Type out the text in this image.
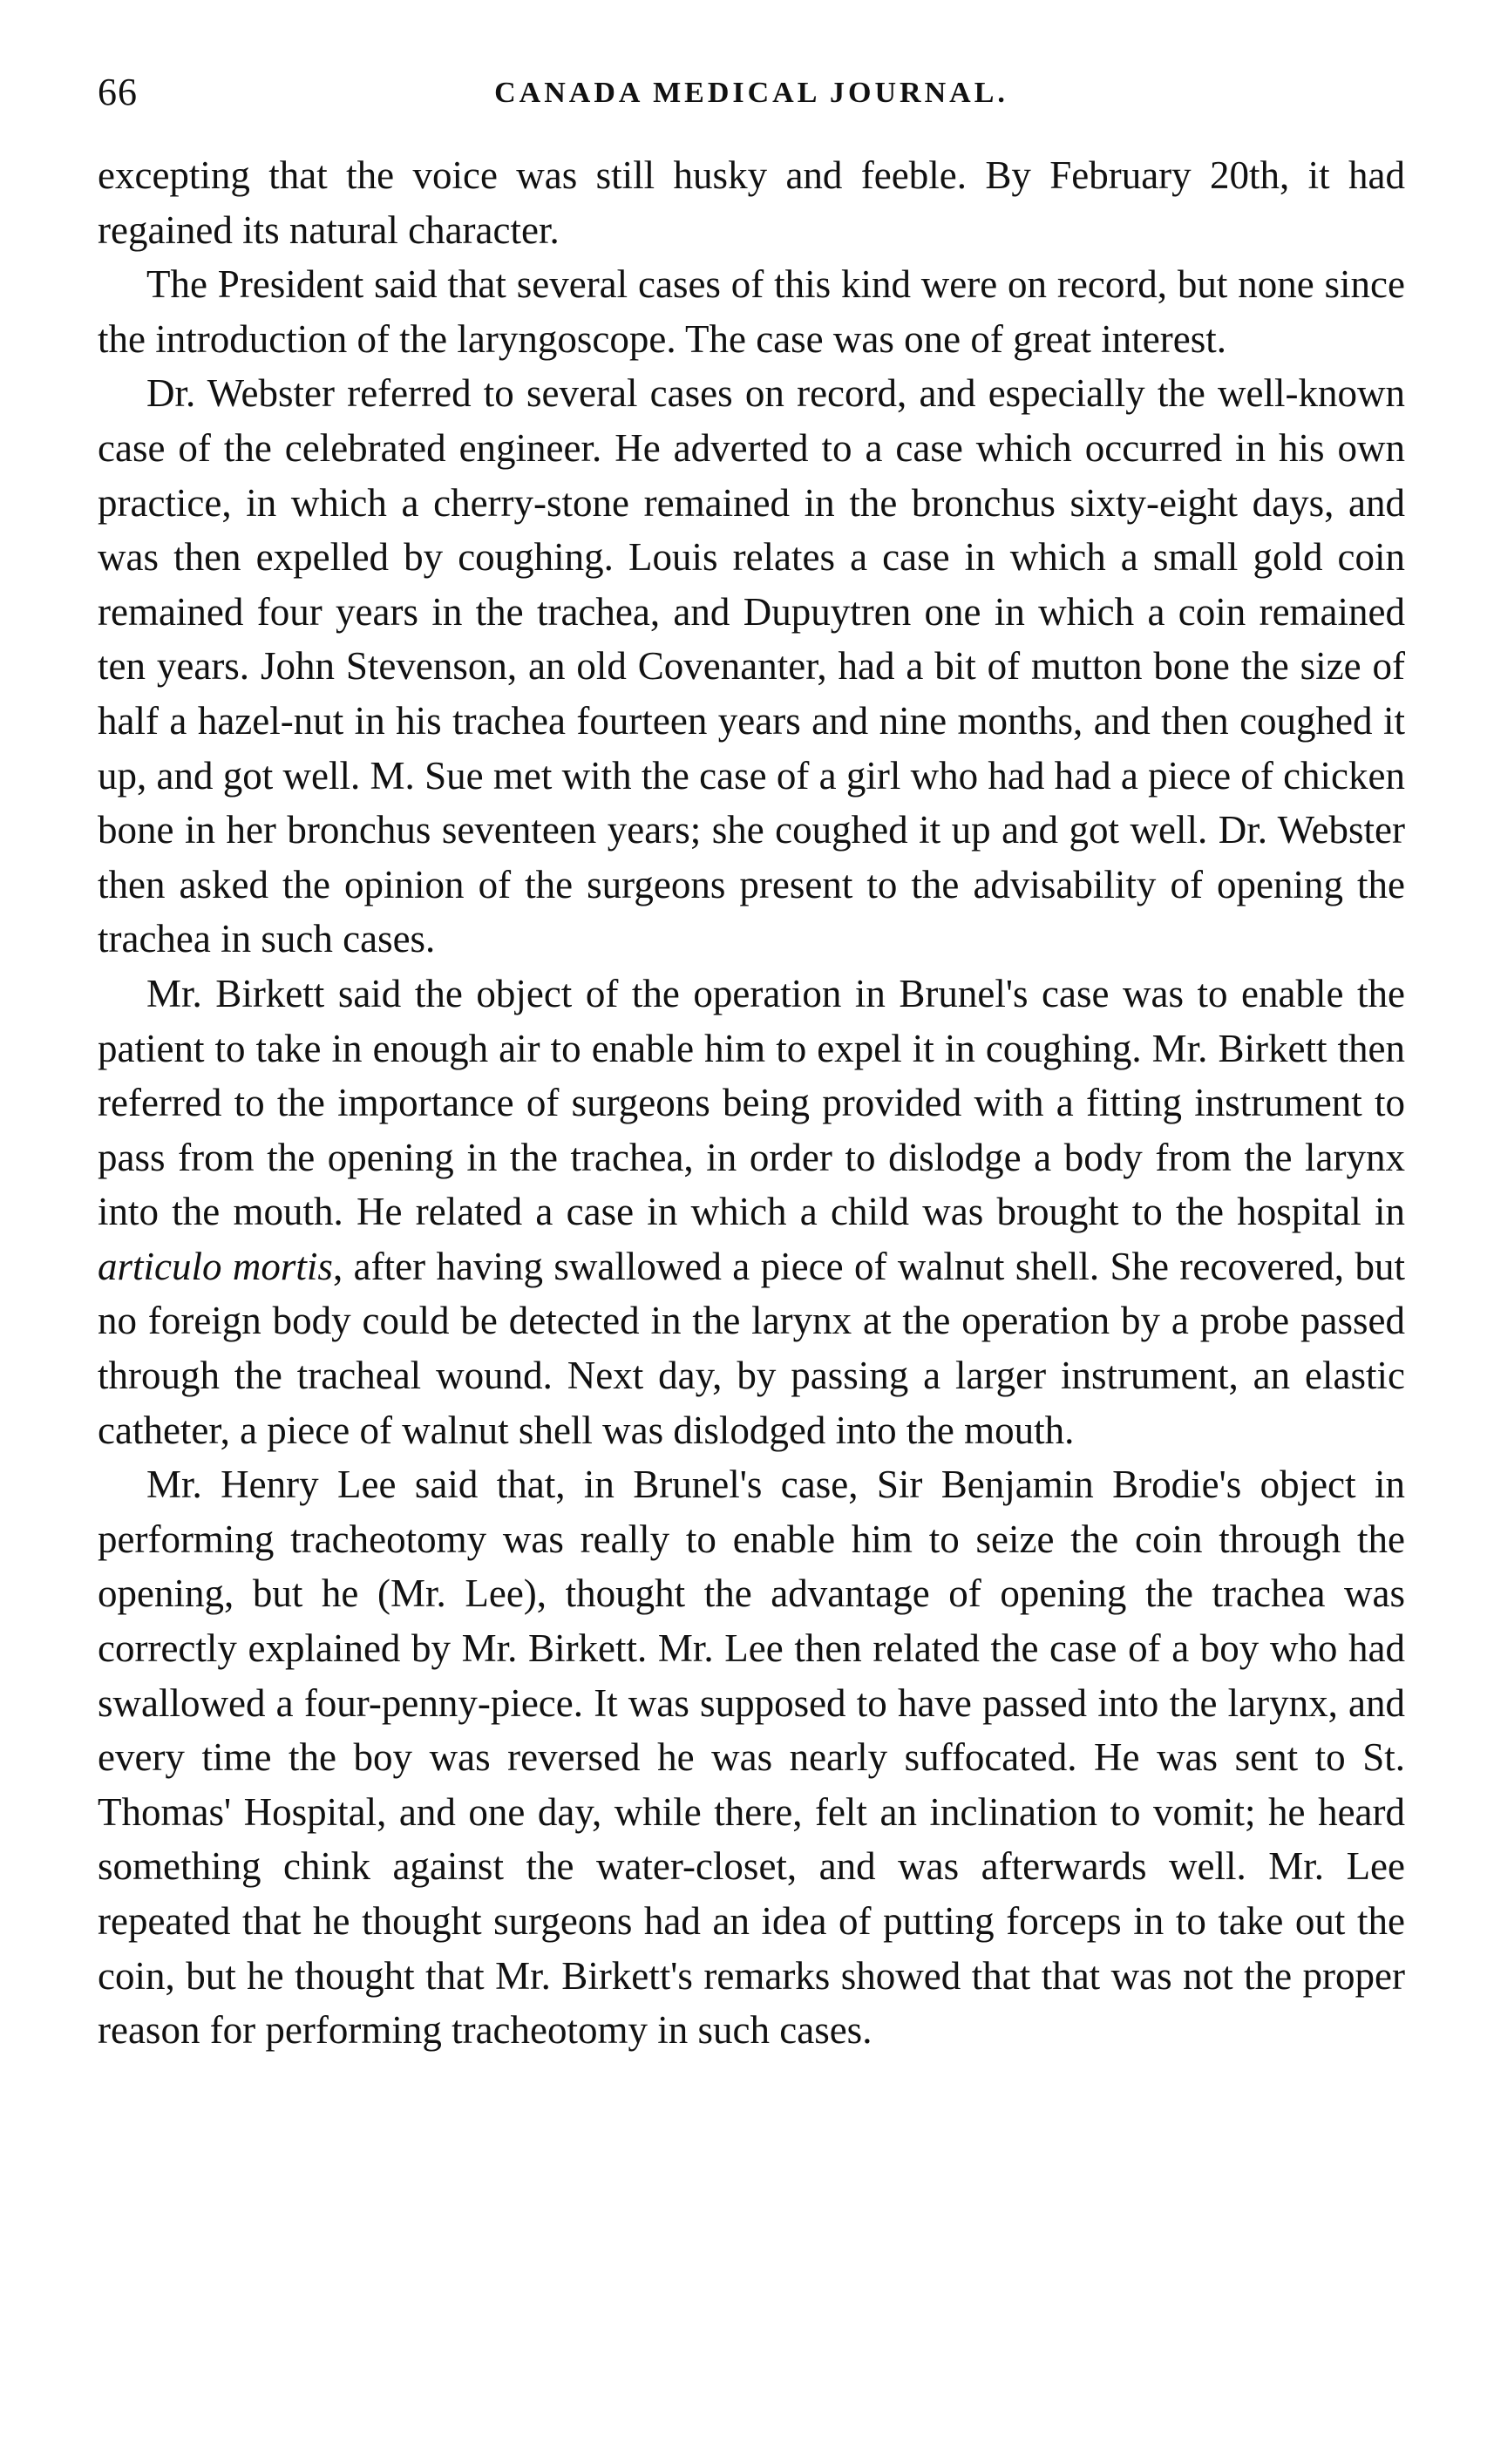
66	CANADA MEDICAL JOURNAL.

excepting that the voice was still husky and feeble. By February 20th, it had regained its natural character.

The President said that several cases of this kind were on record, but none since the introduction of the laryngoscope. The case was one of great interest.

Dr. Webster referred to several cases on record, and especially the well-known case of the celebrated engineer. He adverted to a case which occurred in his own practice, in which a cherry-stone remained in the bronchus sixty-eight days, and was then expelled by coughing. Louis relates a case in which a small gold coin remained four years in the trachea, and Dupuytren one in which a coin remained ten years. John Stevenson, an old Covenanter, had a bit of mutton bone the size of half a hazel-nut in his trachea fourteen years and nine months, and then coughed it up, and got well. M. Sue met with the case of a girl who had had a piece of chicken bone in her bronchus seventeen years; she coughed it up and got well. Dr. Webster then asked the opinion of the surgeons present to the advisability of opening the trachea in such cases.

Mr. Birkett said the object of the operation in Brunel's case was to enable the patient to take in enough air to enable him to expel it in coughing. Mr. Birkett then referred to the importance of surgeons being provided with a fitting instrument to pass from the opening in the trachea, in order to dislodge a body from the larynx into the mouth. He related a case in which a child was brought to the hospital in articulo mortis, after having swallowed a piece of walnut shell. She recovered, but no foreign body could be detected in the larynx at the operation by a probe passed through the tracheal wound. Next day, by passing a larger instrument, an elastic catheter, a piece of walnut shell was dislodged into the mouth.

Mr. Henry Lee said that, in Brunel's case, Sir Benjamin Brodie's object in performing tracheotomy was really to enable him to seize the coin through the opening, but he (Mr. Lee), thought the advantage of opening the trachea was correctly explained by Mr. Birkett. Mr. Lee then related the case of a boy who had swallowed a four-penny-piece. It was supposed to have passed into the larynx, and every time the boy was reversed he was nearly suffocated. He was sent to St. Thomas' Hospital, and one day, while there, felt an inclination to vomit; he heard something chink against the water-closet, and was afterwards well. Mr. Lee repeated that he thought surgeons had an idea of putting forceps in to take out the coin, but he thought that Mr. Birkett's remarks showed that that was not the proper reason for performing tracheotomy in such cases.
